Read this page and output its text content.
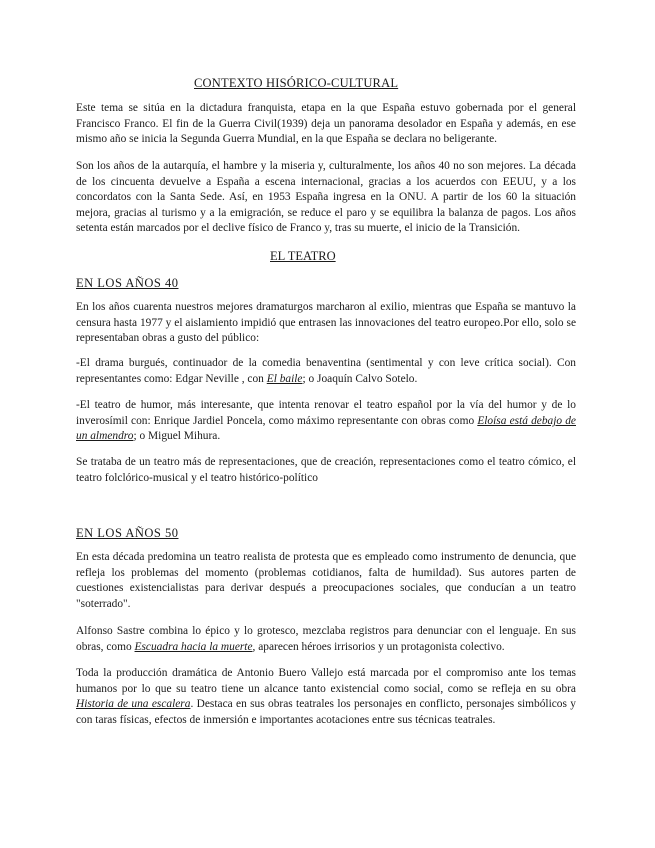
CONTEXTO HISÓRICO-CULTURAL

Este tema se sitúa en la dictadura franquista, etapa en la que España estuvo gobernada por el general Francisco Franco. El fin de la Guerra Civil(1939) deja un panorama desolador en España y además, en ese mismo año se inicia la Segunda Guerra Mundial, en la que España se declara no beligerante.

Son los años de la autarquía, el hambre y la miseria y, culturalmente, los años 40 no son mejores. La década de los cincuenta devuelve a España a escena internacional, gracias a los acuerdos con EEUU, y a los concordatos con la Santa Sede. Así, en 1953 España ingresa en la ONU. A partir de los 60 la situación mejora, gracias al turismo y a la emigración, se reduce el paro y se equilibra la balanza de pagos. Los años setenta están marcados por el declive físico de Franco y, tras su muerte, el inicio de la Transición.

EL TEATRO
EN LOS AÑOS 40

En los años cuarenta nuestros mejores dramaturgos marcharon al exilio, mientras que España se mantuvo la censura hasta 1977 y el aislamiento impidió que entrasen las innovaciones del teatro europeo.Por ello, solo se representaban obras a gusto del público:

-El drama burgués, continuador de la comedia benaventina (sentimental y con leve crítica social). Con representantes como: Edgar Neville , con El baile; o Joaquín Calvo Sotelo.

-El teatro de humor, más interesante, que intenta renovar el teatro español por la vía del humor y de lo inverosímil con: Enrique Jardiel Poncela, como máximo representante con obras como Eloísa está debajo de un almendro; o Miguel Mihura.

Se trataba de un teatro más de representaciones, que de creación, representaciones como el teatro cómico, el teatro folclórico-musical y el teatro histórico-político

EN LOS AÑOS 50

En esta década predomina un teatro realista de protesta que es empleado como instrumento de denuncia, que refleja los problemas del momento (problemas cotidianos, falta de humildad). Sus autores parten de cuestiones existencialistas para derivar después a preocupaciones sociales, que conducían a un teatro "soterrado".

Alfonso Sastre combina lo épico y lo grotesco, mezclaba registros para denunciar con el lenguaje. En sus obras, como Escuadra hacia la muerte, aparecen héroes irrisorios y un protagonista colectivo.

Toda la producción dramática de Antonio Buero Vallejo está marcada por el compromiso ante los temas humanos por lo que su teatro tiene un alcance tanto existencial como social, como se refleja en su obra Historia de una escalera. Destaca en sus obras teatrales los personajes en conflicto, personajes simbólicos y con taras físicas, efectos de inmersión e importantes acotaciones entre sus técnicas teatrales.
